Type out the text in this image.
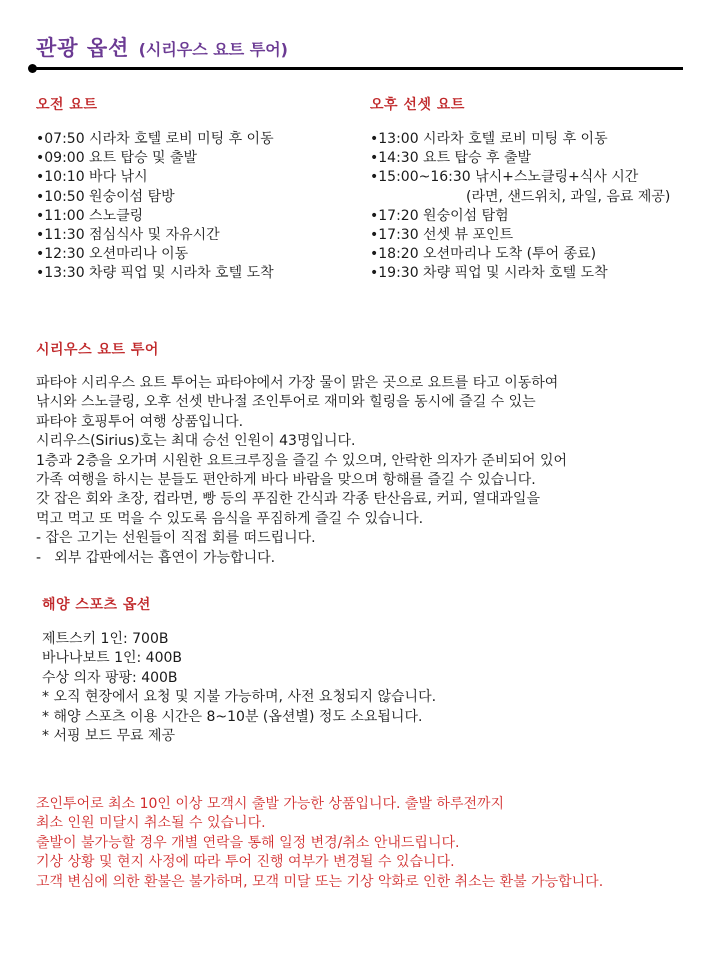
관광 옵션 (시리우스 요트 투어)
오전 요트
•07:50 시라차 호텔 로비 미팅 후 이동
•09:00 요트 탑승 및 출발
•10:10 바다 낚시
•10:50 원숭이섬 탐방
•11:00 스노클링
•11:30 점심식사 및 자유시간
•12:30 오션마리나 이동
•13:30 차량 픽업 및 시라차 호텔 도착
오후 선셋 요트
•13:00 시라차 호텔 로비 미팅 후 이동
•14:30 요트 탑승 후 출발
•15:00~16:30 낚시+스노클링+식사 시간
(라면, 샌드위치, 과일, 음료 제공)
•17:20 원숭이섬 탐험
•17:30 선셋 뷰 포인트
•18:20 오션마리나 도착 (투어 종료)
•19:30 차량 픽업 및 시라차 호텔 도착
시리우스 요트 투어
파타야 시리우스 요트 투어는 파타야에서 가장 물이 맑은 곳으로 요트를 타고 이동하여
낚시와 스노클링, 오후 선셋 반나절 조인투어로 재미와 힐링을 동시에 즐길 수 있는
파타야 호핑투어 여행 상품입니다.
시리우스(Sirius)호는 최대 승선 인원이 43명입니다.
1층과 2층을 오가며 시원한 요트크루징을 즐길 수 있으며, 안락한 의자가 준비되어 있어
가족 여행을 하시는 분들도 편안하게 바다 바람을 맞으며 항해를 즐길 수 있습니다.
갓 잡은 회와 초장, 컵라면, 빵 등의 푸짐한 간식과 각종 탄산음료, 커피, 열대과일을
먹고 먹고 또 먹을 수 있도록 음식을 푸짐하게 즐길 수 있습니다.
- 잡은 고기는 선원들이 직접 회를 떠드립니다.
-   외부 갑판에서는 흡연이 가능합니다.
해양 스포츠 옵션
제트스키 1인: 700B
바나나보트 1인: 400B
수상 의자 팡팡: 400B
* 오직 현장에서 요청 및 지불 가능하며, 사전 요청되지 않습니다.
* 해양 스포츠 이용 시간은 8~10분 (옵션별) 정도 소요됩니다.
* 서핑 보드 무료 제공
조인투어로 최소 10인 이상 모객시 출발 가능한 상품입니다. 출발 하루전까지
최소 인원 미달시 취소될 수 있습니다.
출발이 불가능할 경우 개별 연락을 통해 일정 변경/취소 안내드립니다.
기상 상황 및 현지 사정에 따라 투어 진행 여부가 변경될 수 있습니다.
고객 변심에 의한 환불은 불가하며, 모객 미달 또는 기상 악화로 인한 취소는 환불 가능합니다.
